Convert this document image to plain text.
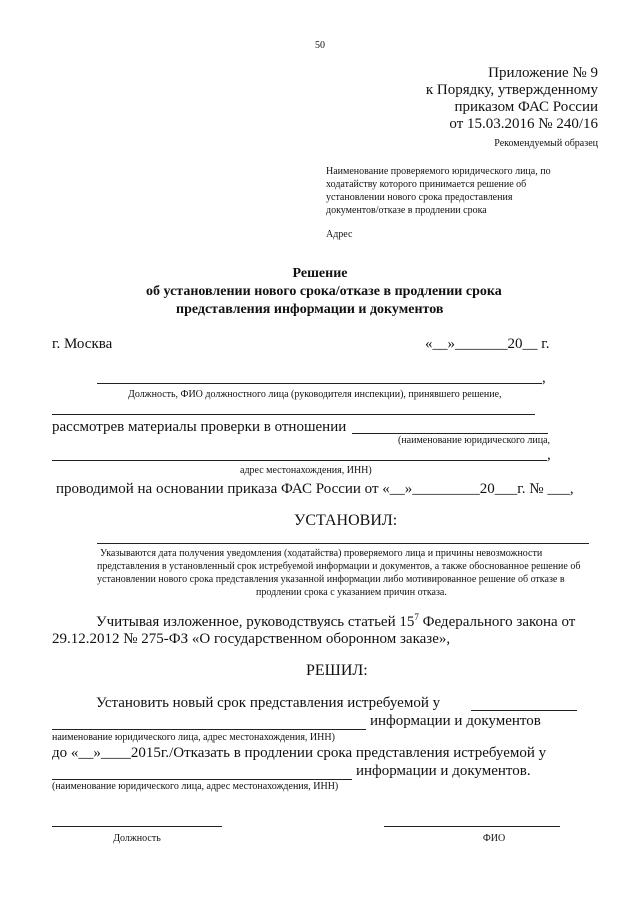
50
Приложение № 9
к Порядку, утвержденному
приказом ФАС России
от 15.03.2016 № 240/16
Рекомендуемый образец
Наименование проверяемого юридического лица, по
ходатайству которого принимается решение об
установлении нового срока предоставления
документов/отказе в продлении срока
Адрес
Решение
об установлении нового срока/отказе в продлении срока
представления информации и документов
г. Москва	«__»_______20__ г.
,
Должность, ФИО должностного лица (руководителя инспекции), принявшего решение,
рассмотрев материалы проверки в отношении
(наименование юридического лица,
,
адрес местонахождения, ИНН)
проводимой на основании приказа ФАС России от «__»_________20___г. № ___,
УСТАНОВИЛ:
Указываются дата получения уведомления (ходатайства) проверяемого лица и причины невозможности
представления в установленный срок истребуемой информации и документов, а также обоснованное решение об
установлении нового срока представления указанной информации либо мотивированное решение об отказе в
продлении срока с указанием причин отказа.
Учитывая изложенное, руководствуясь статьей $15^7$ Федерального закона от
29.12.2012 № 275-ФЗ «О государственном оборонном заказе»,
РЕШИЛ:
Установить новый срок представления истребуемой у
информации и документов
наименование юридического лица, адрес местонахождения, ИНН)
до «__»____2015г./Отказать в продлении срока представления истребуемой у
информации и документов.
(наименование юридического лица, адрес местонахождения, ИНН)
Должность	ФИО
